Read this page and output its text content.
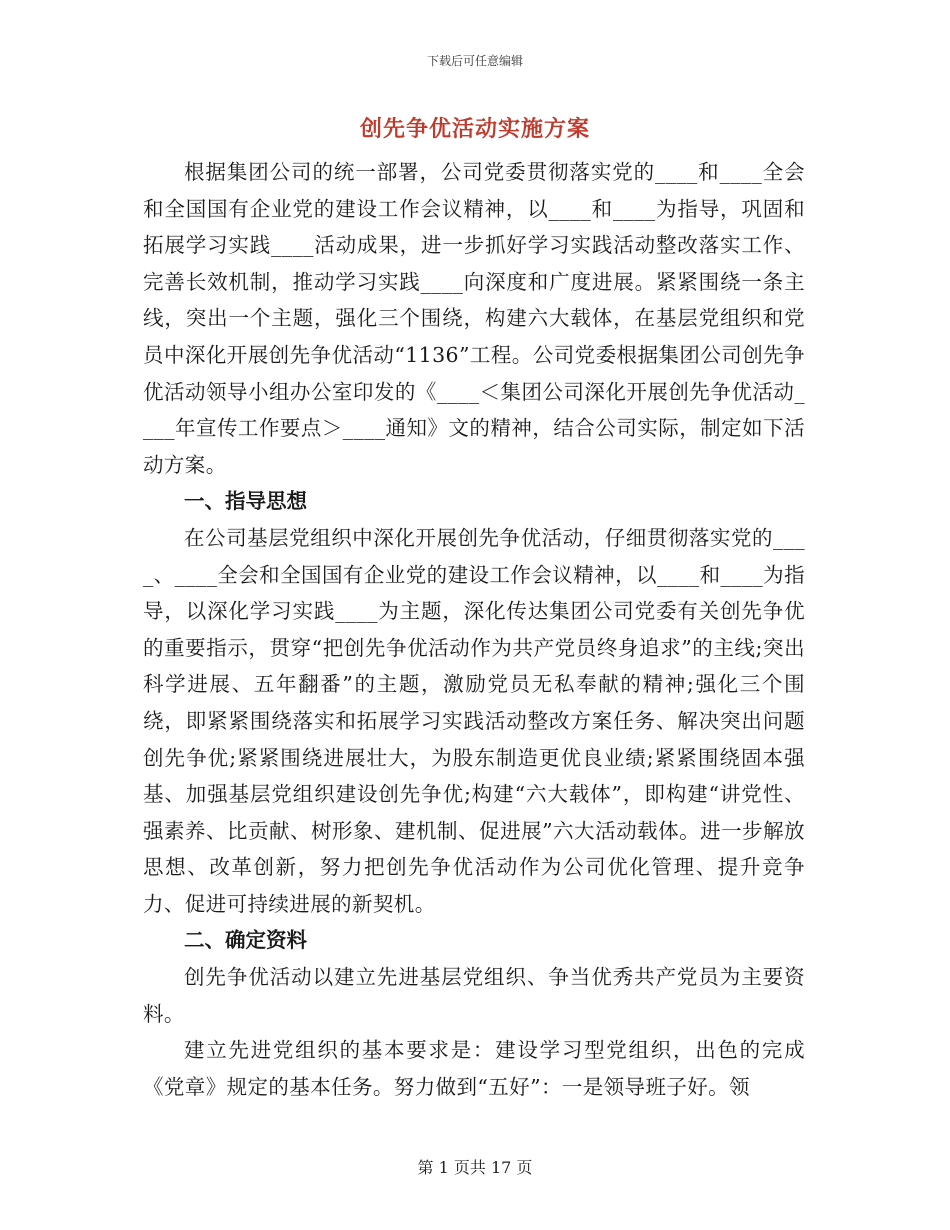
下载后可任意编辑
创先争优活动实施方案

根据集团公司的统一部署，公司党委贯彻落实党的____和____全会和全国国有企业党的建设工作会议精神，以____和____为指导，巩固和拓展学习实践____活动成果，进一步抓好学习实践活动整改落实工作、完善长效机制，推动学习实践____向深度和广度进展。紧紧围绕一条主线，突出一个主题，强化三个围绕，构建六大载体，在基层党组织和党员中深化开展创先争优活动“1136”工程。公司党委根据集团公司创先争优活动领导小组办公室印发的《____＜集团公司深化开展创先争优活动____年宣传工作要点＞____通知》文的精神，结合公司实际，制定如下活动方案。

一、指导思想

在公司基层党组织中深化开展创先争优活动，仔细贯彻落实党的____、____全会和全国国有企业党的建设工作会议精神，以____和____为指导，以深化学习实践____为主题，深化传达集团公司党委有关创先争优的重要指示，贯穿“把创先争优活动作为共产党员终身追求”的主线;突出科学进展、五年翻番”的主题，激励党员无私奉献的精神;强化三个围绕，即紧紧围绕落实和拓展学习实践活动整改方案任务、解决突出问题创先争优;紧紧围绕进展壮大，为股东制造更优良业绩;紧紧围绕固本强基、加强基层党组织建设创先争优;构建“六大载体”，即构建“讲党性、强素养、比贡献、树形象、建机制、促进展”六大活动载体。进一步解放思想、改革创新，努力把创先争优活动作为公司优化管理、提升竞争力、促进可持续进展的新契机。

二、确定资料

创先争优活动以建立先进基层党组织、争当优秀共产党员为主要资料。

建立先进党组织的基本要求是：建设学习型党组织，出色的完成《党章》规定的基本任务。努力做到“五好”：一是领导班子好。领

第 1 页共 17 页
